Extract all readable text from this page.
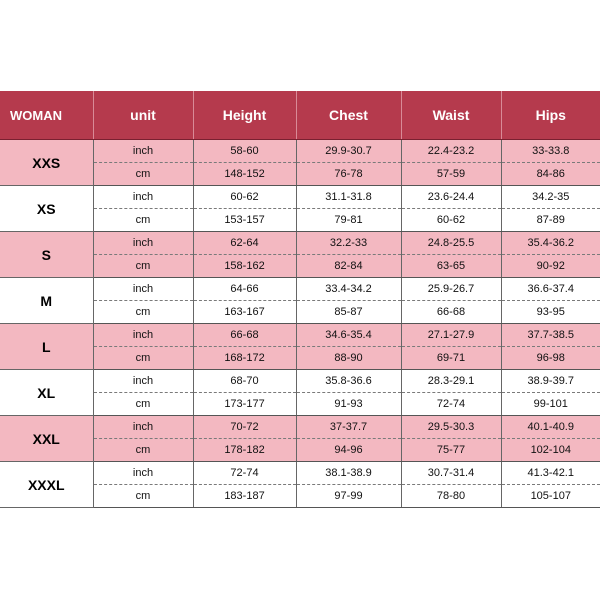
WOMAN	unit	Height	Chest	Waist	Hips
XXS	inch	58-60	29.9-30.7	22.4-23.2	33-33.8
	cm	148-152	76-78	57-59	84-86
XS	inch	60-62	31.1-31.8	23.6-24.4	34.2-35
	cm	153-157	79-81	60-62	87-89
S	inch	62-64	32.2-33	24.8-25.5	35.4-36.2
	cm	158-162	82-84	63-65	90-92
M	inch	64-66	33.4-34.2	25.9-26.7	36.6-37.4
	cm	163-167	85-87	66-68	93-95
L	inch	66-68	34.6-35.4	27.1-27.9	37.7-38.5
	cm	168-172	88-90	69-71	96-98
XL	inch	68-70	35.8-36.6	28.3-29.1	38.9-39.7
	cm	173-177	91-93	72-74	99-101
XXL	inch	70-72	37-37.7	29.5-30.3	40.1-40.9
	cm	178-182	94-96	75-77	102-104
XXXL	inch	72-74	38.1-38.9	30.7-31.4	41.3-42.1
	cm	183-187	97-99	78-80	105-107
